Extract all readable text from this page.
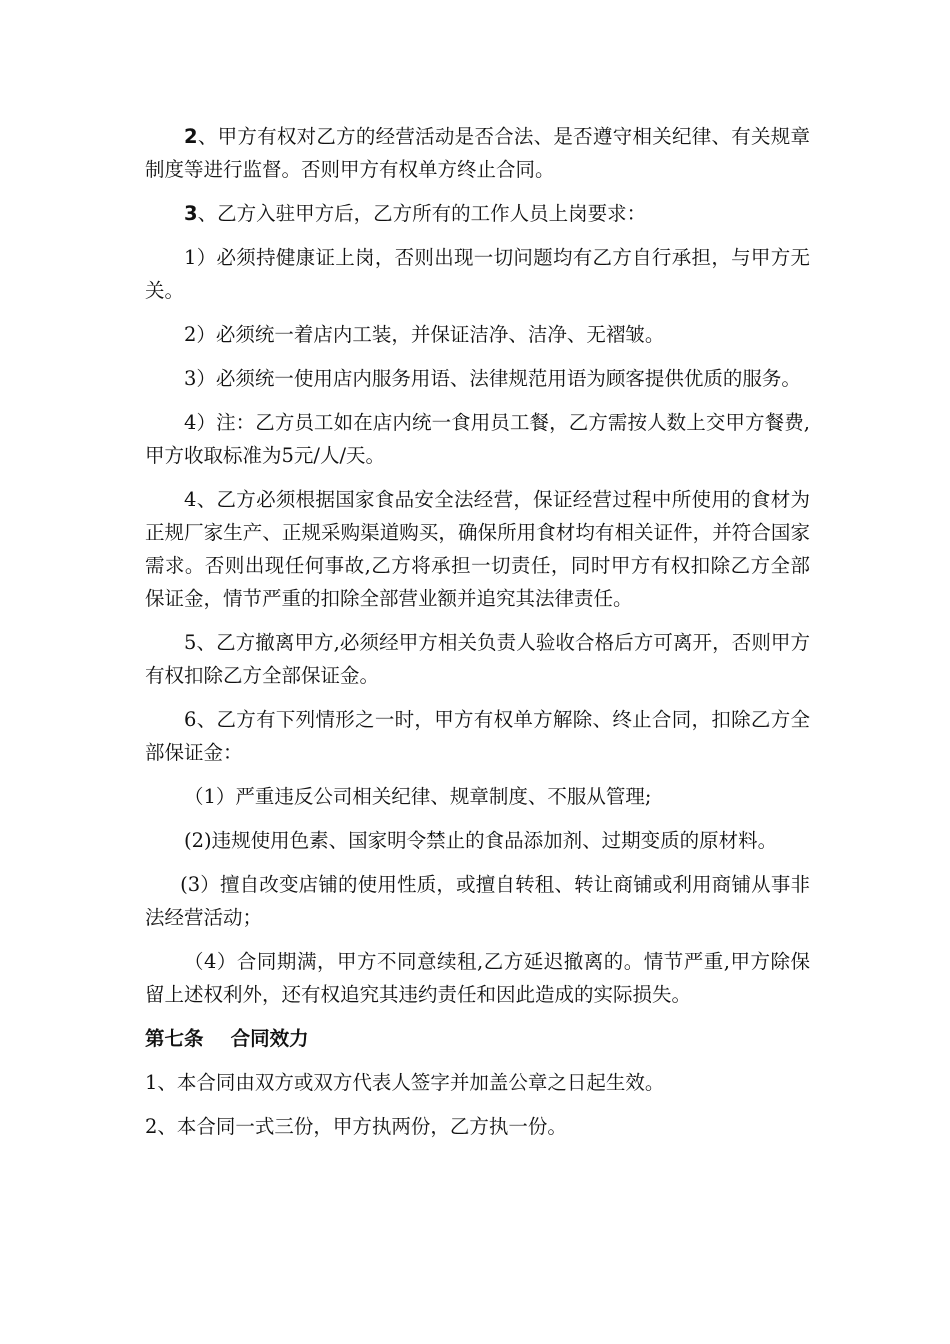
2、甲方有权对乙方的经营活动是否合法、是否遵守相关纪律、有关规章制度等进行监督。否则甲方有权单方终止合同。

3、乙方入驻甲方后，乙方所有的工作人员上岗要求：

1）必须持健康证上岗，否则出现一切问题均有乙方自行承担，与甲方无关。

2）必须统一着店内工装，并保证洁净、洁净、无褶皱。

3）必须统一使用店内服务用语、法律规范用语为顾客提供优质的服务。

4）注：乙方员工如在店内统一食用员工餐，乙方需按人数上交甲方餐费,甲方收取标准为5元/人/天。

4、乙方必须根据国家食品安全法经营，保证经营过程中所使用的食材为正规厂家生产、正规采购渠道购买，确保所用食材均有相关证件，并符合国家需求。否则出现任何事故,乙方将承担一切责任，同时甲方有权扣除乙方全部保证金，情节严重的扣除全部营业额并追究其法律责任。

5、乙方撤离甲方,必须经甲方相关负责人验收合格后方可离开，否则甲方有权扣除乙方全部保证金。

6、乙方有下列情形之一时，甲方有权单方解除、终止合同，扣除乙方全部保证金：

（1）严重违反公司相关纪律、规章制度、不服从管理;

(2)违规使用色素、国家明令禁止的食品添加剂、过期变质的原材料。

(3）擅自改变店铺的使用性质，或擅自转租、转让商铺或利用商铺从事非法经营活动；

（4）合同期满，甲方不同意续租,乙方延迟撤离的。情节严重,甲方除保留上述权利外，还有权追究其违约责任和因此造成的实际损失。

第七条    合同效力

1、本合同由双方或双方代表人签字并加盖公章之日起生效。

2、本合同一式三份，甲方执两份，乙方执一份。
